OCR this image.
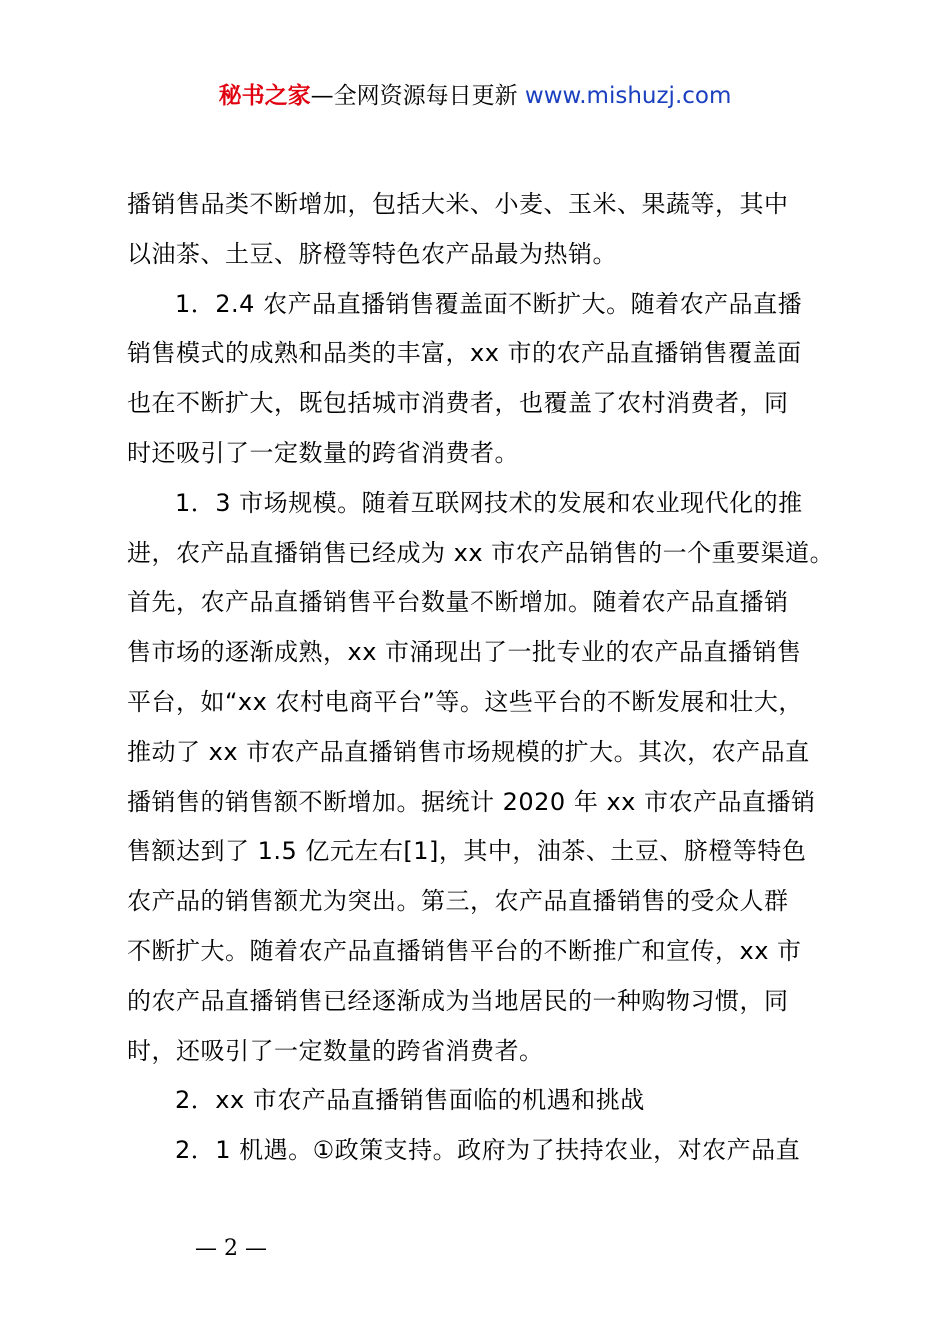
秘书之家—全网资源每日更新 www.mishuzj.com
播销售品类不断增加，包括大米、小麦、玉米、果蔬等，其中
以油茶、土豆、脐橙等特色农产品最为热销。
1．2.4 农产品直播销售覆盖面不断扩大。随着农产品直播
销售模式的成熟和品类的丰富，xx 市的农产品直播销售覆盖面
也在不断扩大，既包括城市消费者，也覆盖了农村消费者，同
时还吸引了一定数量的跨省消费者。
1．3 市场规模。随着互联网技术的发展和农业现代化的推
进，农产品直播销售已经成为 xx 市农产品销售的一个重要渠道。
首先，农产品直播销售平台数量不断增加。随着农产品直播销
售市场的逐渐成熟，xx 市涌现出了一批专业的农产品直播销售
平台，如“xx 农村电商平台”等。这些平台的不断发展和壮大，
推动了 xx 市农产品直播销售市场规模的扩大。其次，农产品直
播销售的销售额不断增加。据统计 2020 年 xx 市农产品直播销
售额达到了 1.5 亿元左右[1]，其中，油茶、土豆、脐橙等特色
农产品的销售额尤为突出。第三，农产品直播销售的受众人群
不断扩大。随着农产品直播销售平台的不断推广和宣传，xx 市
的农产品直播销售已经逐渐成为当地居民的一种购物习惯，同
时，还吸引了一定数量的跨省消费者。
2．xx 市农产品直播销售面临的机遇和挑战
2．1 机遇。①政策支持。政府为了扶持农业，对农产品直
— 2 —
